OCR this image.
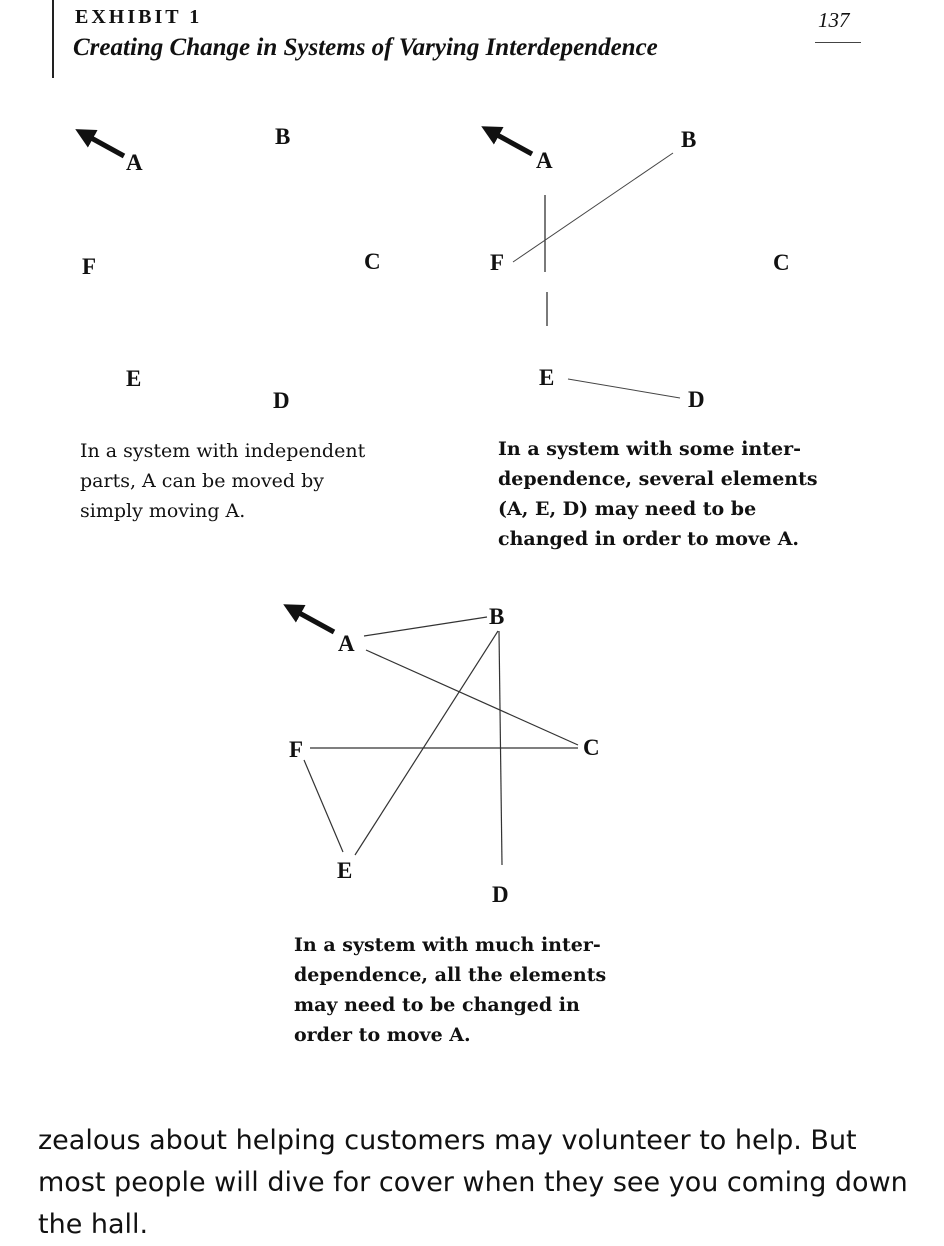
EXHIBIT 1
Creating Change in Systems of Varying Interdependence
137
A
B
C
D
E
F
A
B
C
D
E
F
A
B
C
D
E
F

In a system with independent
parts, A can be moved by
simply moving A.

In a system with some inter-
dependence, several elements
(A, E, D) may need to be
changed in order to move A.

In a system with much inter-
dependence, all the elements
may need to be changed in
order to move A.

zealous about helping customers may volunteer to help. But
most people will dive for cover when they see you coming down
the hall.
